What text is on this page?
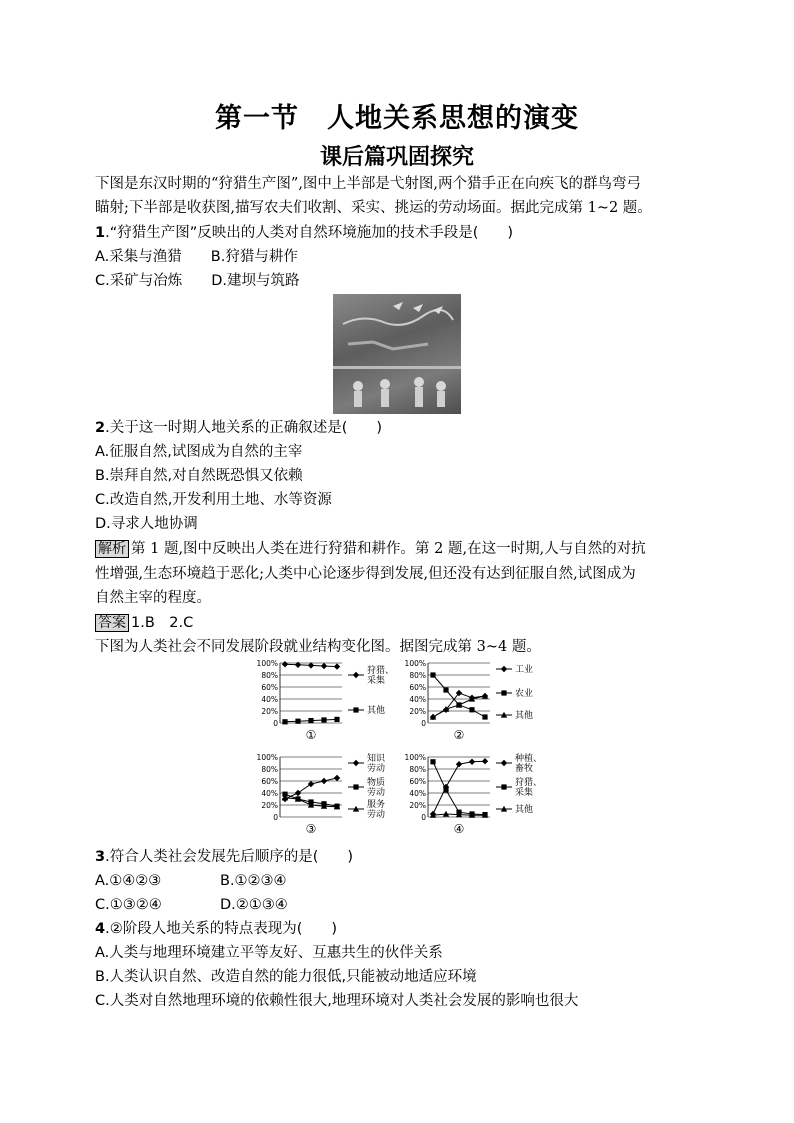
第一节　人地关系思想的演变
课后篇巩固探究
下图是东汉时期的“狩猎生产图”,图中上半部是弋射图,两个猎手正在向疾飞的群鸟弯弓
瞄射;下半部是收获图,描写农夫们收割、采实、挑运的劳动场面。据此完成第 1~2 题。
1.“狩猎生产图”反映出的人类对自然环境施加的技术手段是(　　)
A.采集与渔猎　　B.狩猎与耕作
C.采矿与冶炼　　D.建坝与筑路
2.关于这一时期人地关系的正确叙述是(　　)
A.征服自然,试图成为自然的主宰
B.崇拜自然,对自然既恐惧又依赖
C.改造自然,开发利用土地、水等资源
D.寻求人地协调
解析 第 1 题,图中反映出人类在进行狩猎和耕作。第 2 题,在这一时期,人与自然的对抗
性增强,生态环境趋于恶化;人类中心论逐步得到发展,但还没有达到征服自然,试图成为
自然主宰的程度。
答案 1.B　2.C
下图为人类社会不同发展阶段就业结构变化图。据图完成第 3~4 题。
100%
80%
60%
40%
20%
0
狩猎、
采集
其他
①
100%
80%
60%
40%
20%
0
工业
农业
其他
②
100%
80%
60%
40%
20%
0
知识
劳动
物质
劳动
服务
劳动
③
100%
80%
60%
40%
20%
0
种植、
畜牧
狩猎、
采集
其他
④
3.符合人类社会发展先后顺序的是(　　)
A.①④②③	B.①②③④
C.①③②④	D.②①③④
4.②阶段人地关系的特点表现为(　　)
A.人类与地理环境建立平等友好、互惠共生的伙伴关系
B.人类认识自然、改造自然的能力很低,只能被动地适应环境
C.人类对自然地理环境的依赖性很大,地理环境对人类社会发展的影响也很大
